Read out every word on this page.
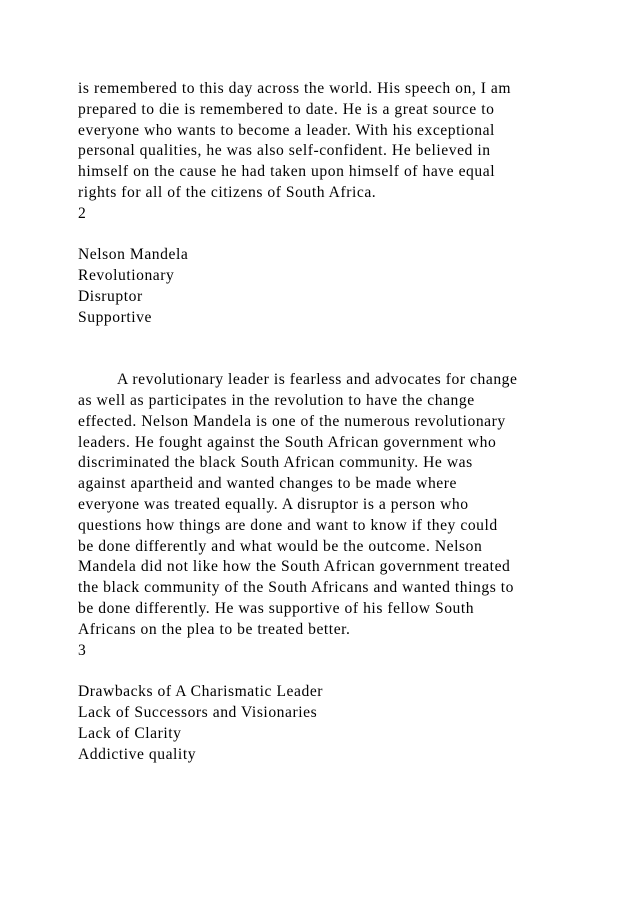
is remembered to this day across the world. His speech on, I am
prepared to die is remembered to date. He is a great source to
everyone who wants to become a leader. With his exceptional
personal qualities, he was also self-confident. He believed in
himself on the cause he had taken upon himself of have equal
rights for all of the citizens of South Africa.
2
Nelson Mandela
Revolutionary
Disruptor
Supportive
A revolutionary leader is fearless and advocates for change
as well as participates in the revolution to have the change
effected. Nelson Mandela is one of the numerous revolutionary
leaders. He fought against the South African government who
discriminated the black South African community. He was
against apartheid and wanted changes to be made where
everyone was treated equally. A disruptor is a person who
questions how things are done and want to know if they could
be done differently and what would be the outcome. Nelson
Mandela did not like how the South African government treated
the black community of the South Africans and wanted things to
be done differently. He was supportive of his fellow South
Africans on the plea to be treated better.
3
Drawbacks of A Charismatic Leader
Lack of Successors and Visionaries
Lack of Clarity
Addictive quality
